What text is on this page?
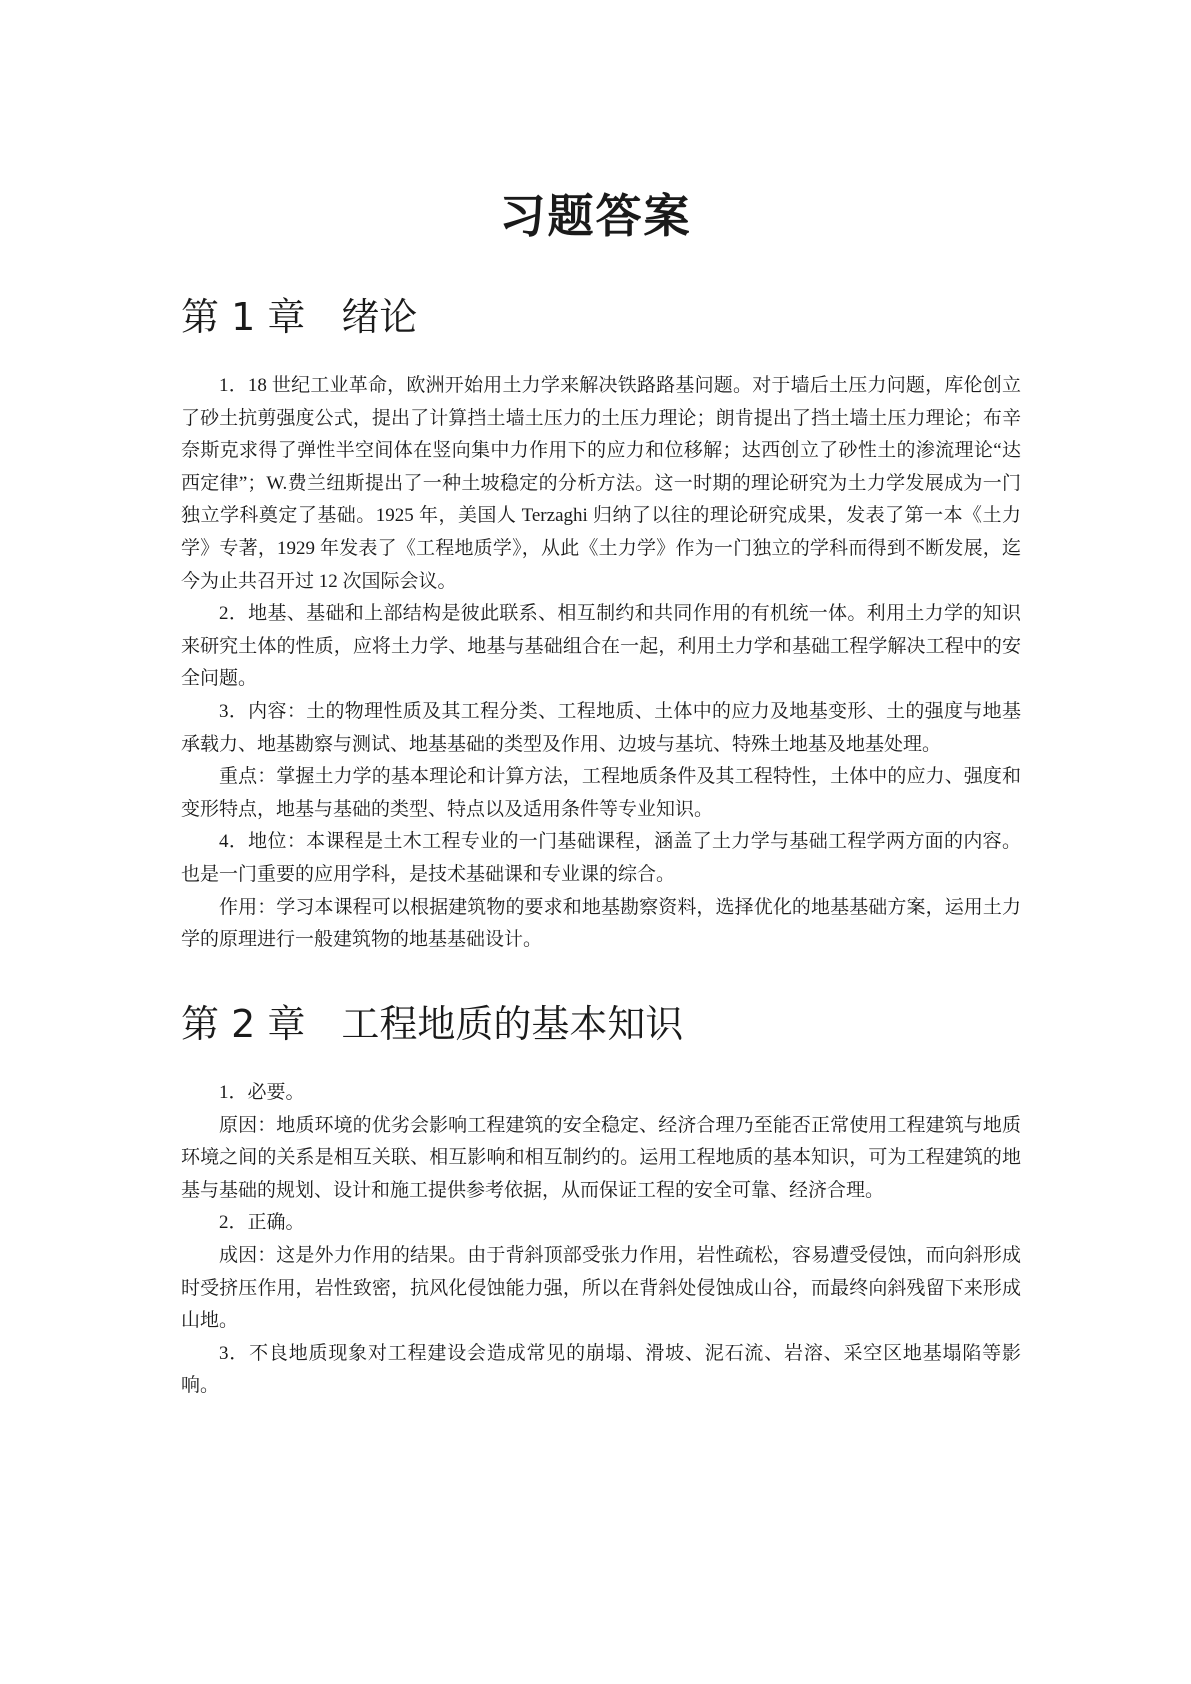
习题答案
第 1 章 绪论

1．18 世纪工业革命，欧洲开始用土力学来解决铁路路基问题。对于墙后土压力问题，库伦创立了砂土抗剪强度公式，提出了计算挡土墙土压力的土压力理论；朗肯提出了挡土墙土压力理论；布辛奈斯克求得了弹性半空间体在竖向集中力作用下的应力和位移解；达西创立了砂性土的渗流理论“达西定律”；W.费兰纽斯提出了一种土坡稳定的分析方法。这一时期的理论研究为土力学发展成为一门独立学科奠定了基础。1925 年，美国人 Terzaghi 归纳了以往的理论研究成果，发表了第一本《土力学》专著，1929 年发表了《工程地质学》，从此《土力学》作为一门独立的学科而得到不断发展，迄今为止共召开过 12 次国际会议。

2．地基、基础和上部结构是彼此联系、相互制约和共同作用的有机统一体。利用土力学的知识来研究土体的性质，应将土力学、地基与基础组合在一起，利用土力学和基础工程学解决工程中的安全问题。

3．内容：土的物理性质及其工程分类、工程地质、土体中的应力及地基变形、土的强度与地基承载力、地基勘察与测试、地基基础的类型及作用、边坡与基坑、特殊土地基及地基处理。

重点：掌握土力学的基本理论和计算方法，工程地质条件及其工程特性，土体中的应力、强度和变形特点，地基与基础的类型、特点以及适用条件等专业知识。

4．地位：本课程是土木工程专业的一门基础课程，涵盖了土力学与基础工程学两方面的内容。也是一门重要的应用学科，是技术基础课和专业课的综合。

作用：学习本课程可以根据建筑物的要求和地基勘察资料，选择优化的地基基础方案，运用土力学的原理进行一般建筑物的地基基础设计。

第 2 章 工程地质的基本知识

1．必要。

原因：地质环境的优劣会影响工程建筑的安全稳定、经济合理乃至能否正常使用工程建筑与地质环境之间的关系是相互关联、相互影响和相互制约的。运用工程地质的基本知识，可为工程建筑的地基与基础的规划、设计和施工提供参考依据，从而保证工程的安全可靠、经济合理。

2．正确。

成因：这是外力作用的结果。由于背斜顶部受张力作用，岩性疏松，容易遭受侵蚀，而向斜形成时受挤压作用，岩性致密，抗风化侵蚀能力强，所以在背斜处侵蚀成山谷，而最终向斜残留下来形成山地。

3．不良地质现象对工程建设会造成常见的崩塌、滑坡、泥石流、岩溶、采空区地基塌陷等影响。
